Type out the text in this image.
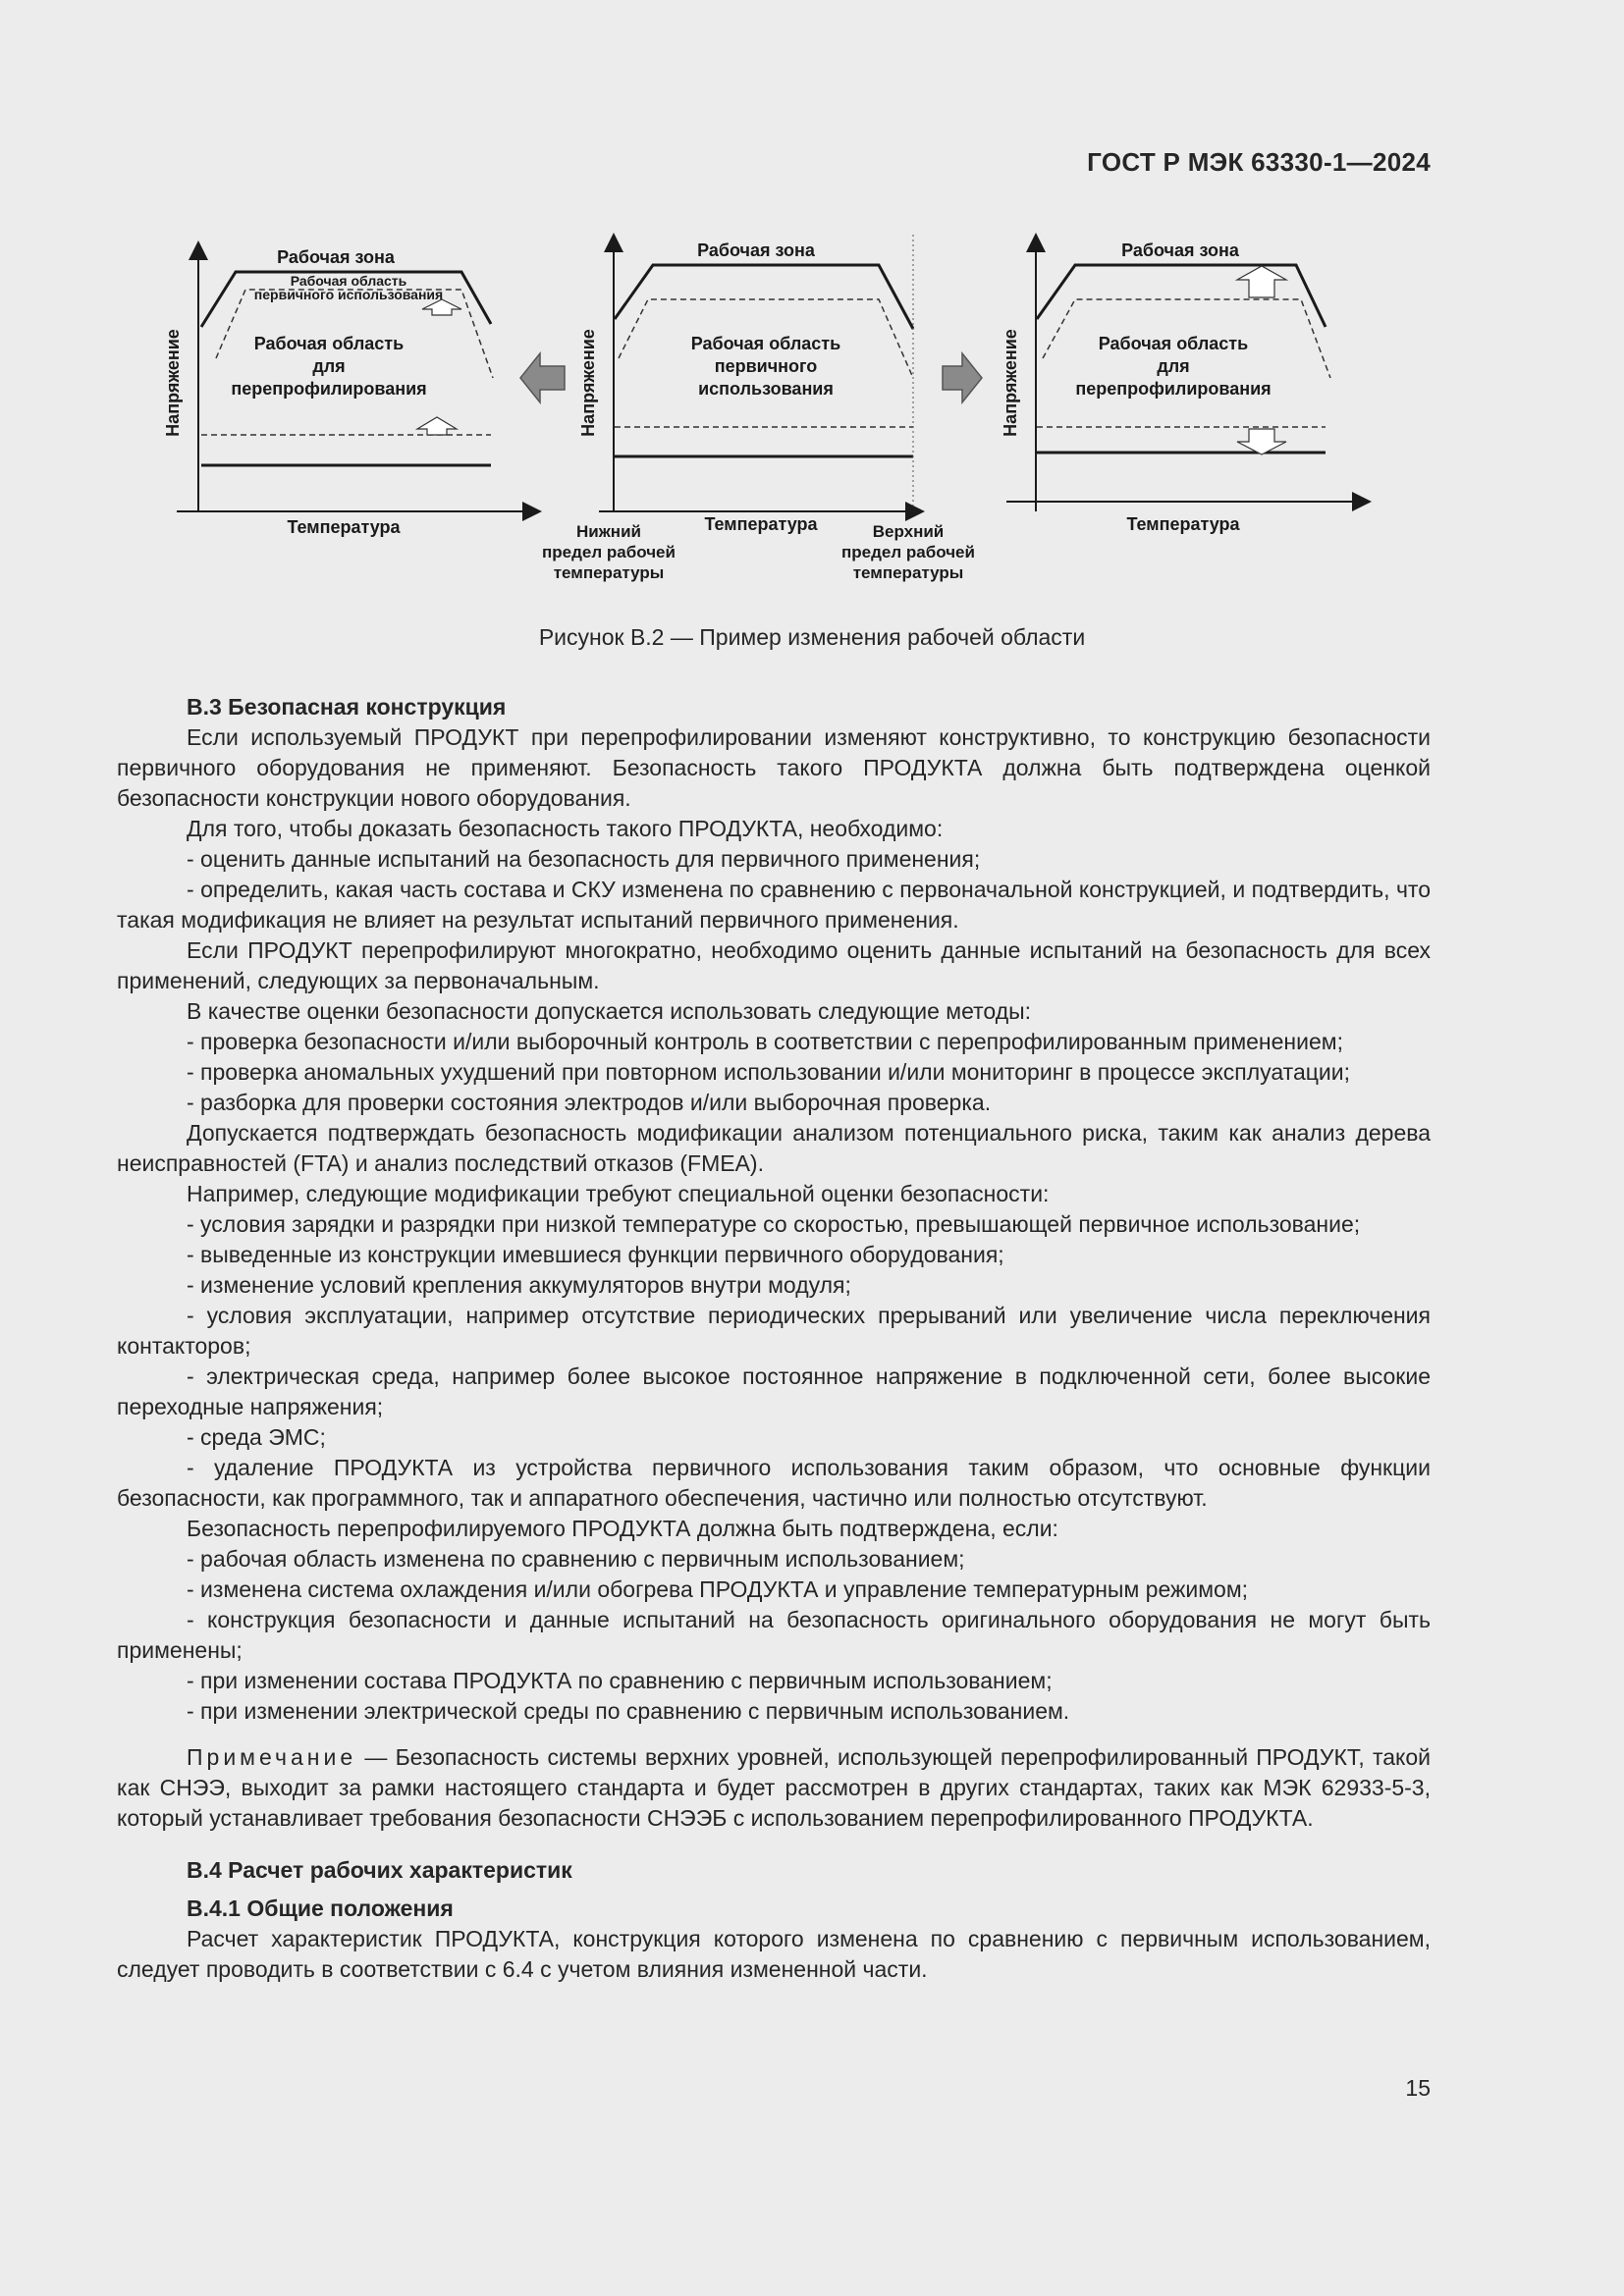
ГОСТ Р МЭК 63330-1—2024
Рабочая зона
Рабочая область
первичного использования
Рабочая область
для
перепрофилирования
Температура
Напряжение
Рабочая зона
Рабочая область
первичного
использования
Температура
Напряжение
Нижний
предел рабочей
температуры
Верхний
предел рабочей
температуры
Рабочая зона
Рабочая область
для
перепрофилирования
Температура
Напряжение
Рисунок В.2 — Пример изменения рабочей области
В.3 Безопасная конструкция

Если используемый ПРОДУКТ при перепрофилировании изменяют конструктивно, то конструкцию безопасности первичного оборудования не применяют. Безопасность такого ПРОДУКТА должна быть подтверждена оценкой безопасности конструкции нового оборудования.

Для того, чтобы доказать безопасность такого ПРОДУКТА, необходимо:

- оценить данные испытаний на безопасность для первичного применения;

- определить, какая часть состава и СКУ изменена по сравнению с первоначальной конструкцией, и подтвердить, что такая модификация не влияет на результат испытаний первичного применения.

Если ПРОДУКТ перепрофилируют многократно, необходимо оценить данные испытаний на безопасность для всех применений, следующих за первоначальным.

В качестве оценки безопасности допускается использовать следующие методы:

- проверка безопасности и/или выборочный контроль в соответствии с перепрофилированным применением;

- проверка аномальных ухудшений при повторном использовании и/или мониторинг в процессе эксплуатации;

- разборка для проверки состояния электродов и/или выборочная проверка.

Допускается подтверждать безопасность модификации анализом потенциального риска, таким как анализ дерева неисправностей (FTA) и анализ последствий отказов (FMEA).

Например, следующие модификации требуют специальной оценки безопасности:

- условия зарядки и разрядки при низкой температуре со скоростью, превышающей первичное использование;

- выведенные из конструкции имевшиеся функции первичного оборудования;

- изменение условий крепления аккумуляторов внутри модуля;

- условия эксплуатации, например отсутствие периодических прерываний или увеличение числа переключения контакторов;

- электрическая среда, например более высокое постоянное напряжение в подключенной сети, более высокие переходные напряжения;

- среда ЭМС;

- удаление ПРОДУКТА из устройства первичного использования таким образом, что основные функции безопасности, как программного, так и аппаратного обеспечения, частично или полностью отсутствуют.

Безопасность перепрофилируемого ПРОДУКТА должна быть подтверждена, если:

- рабочая область изменена по сравнению с первичным использованием;

- изменена система охлаждения и/или обогрева ПРОДУКТА и управление температурным режимом;

- конструкция безопасности и данные испытаний на безопасность оригинального оборудования не могут быть применены;

- при изменении состава ПРОДУКТА по сравнению с первичным использованием;

- при изменении электрической среды по сравнению с первичным использованием.

Примечание — Безопасность системы верхних уровней, использующей перепрофилированный ПРОДУКТ, такой как СНЭЭ, выходит за рамки настоящего стандарта и будет рассмотрен в других стандартах, таких как МЭК 62933-5-3, который устанавливает требования безопасности СНЭЭБ с использованием перепрофилированного ПРОДУКТА.

В.4 Расчет рабочих характеристик
В.4.1 Общие положения

Расчет характеристик ПРОДУКТА, конструкция которого изменена по сравнению с первичным использованием, следует проводить в соответствии с 6.4 с учетом влияния измененной части.

15
